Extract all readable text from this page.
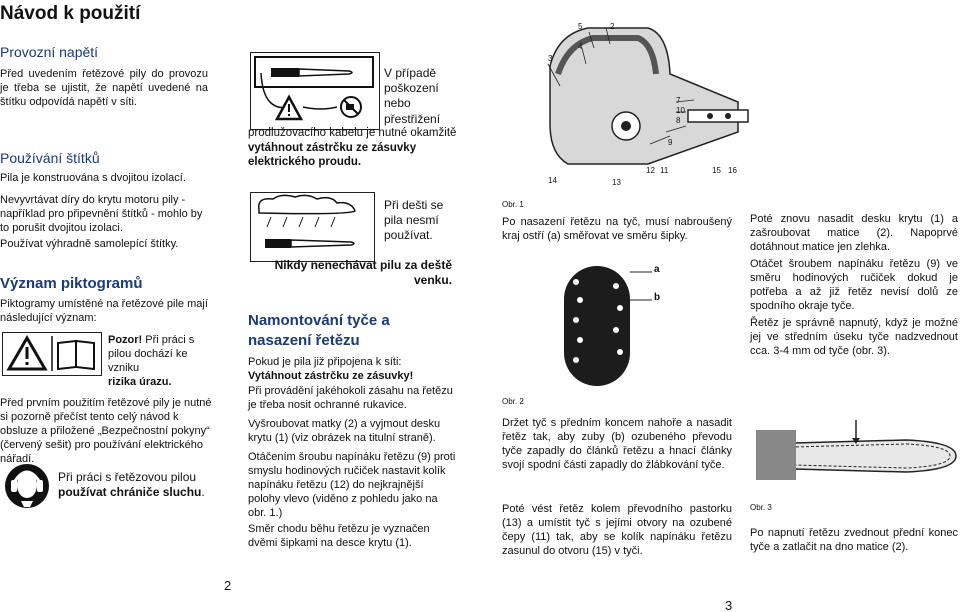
Návod k použití
Provozní napětí
Před uvedením řetězové pily do provozu je třeba se ujistit, že napětí uvedené na štítku odpovídá napětí v síti.
Používání štítků
Pila je konstruována s dvojitou izolací.
Nevyvrtávat díry do krytu motoru pily - například pro připevnění štítků - mohlo by to porušit dvojitou izolaci.
Používat výhradně samolepící štítky.
Význam piktogramů
Piktogramy umístěné na řetězové pile mají následující význam:
Pozor! Při práci s pilou dochází ke vzniku
rizika úrazu.
Před prvním použitím řetězové pily je nutné si pozorně přečíst tento celý návod k obsluze a přiložené „Bezpečnostní pokyny“ (červený sešit) pro používání elektrického nářadí.
Při práci s řetězovou pilou používat chrániče sluchu.
2
V případě poškození nebo přestřižení
prodlužovacího kabelu je nutné okamžitě vytáhnout zástrčku ze zásuvky elektrického proudu.
Při dešti se pila nesmí používat.
Nikdy nenechávat pilu za deště venku.
Namontování tyče a nasazení řetězu
Pokud je pila již připojena k síti:
Vytáhnout zástrčku ze zásuvky!
Při provádění jakéhokoli zásahu na řetězu je třeba nosit ochranné rukavice.
Vyšroubovat matky (2) a vyjmout desku krytu (1) (viz obrázek na titulní straně).
Otáčením šroubu napínáku řetězu (9) proti smyslu hodinových ručiček nastavit kolík napínáku řetězu (12) do nejkrajnější polohy vlevo (viděno z pohledu jako na obr. 1.)
Směr chodu běhu řetězu je vyznačen dvěmi šipkami na desce krytu (1).
5	2
4
3
7
10
8
9
14	13
12 11	15 16
Obr. 1
Po nasazení řetězu na tyč, musí nabroušený kraj ostří (a) směřovat ve směru šipky.
a
b
Obr. 2
Držet tyč s předním koncem nahoře a nasadit řetěz tak, aby zuby (b) ozubeného převodu tyče zapadly do článků řetězu a hnací články svojí spodní části zapadly do žlábkování tyče.
Poté vést řetěz kolem převodního pastorku (13) a umístit tyč s jejími otvory na ozubené čepy (11) tak, aby se kolík napínáku řetězu zasunul do otvoru (15) v tyči.
3
Poté znovu nasadit desku krytu (1) a zašroubovat matice (2). Napoprvé dotáhnout matice jen zlehka.
Otáčet šroubem napínáku řetězu (9) ve směru hodinových ručiček dokud je potřeba a až již řetěz nevisí dolů ze spodního okraje tyče.
Řetěz je správně napnutý, když je možné jej ve středním úseku tyče nadzvednout cca. 3-4 mm od tyče (obr. 3).
Obr. 3
Po napnutí řetězu zvednout přední konec tyče a zatlačit na dno matice (2).
